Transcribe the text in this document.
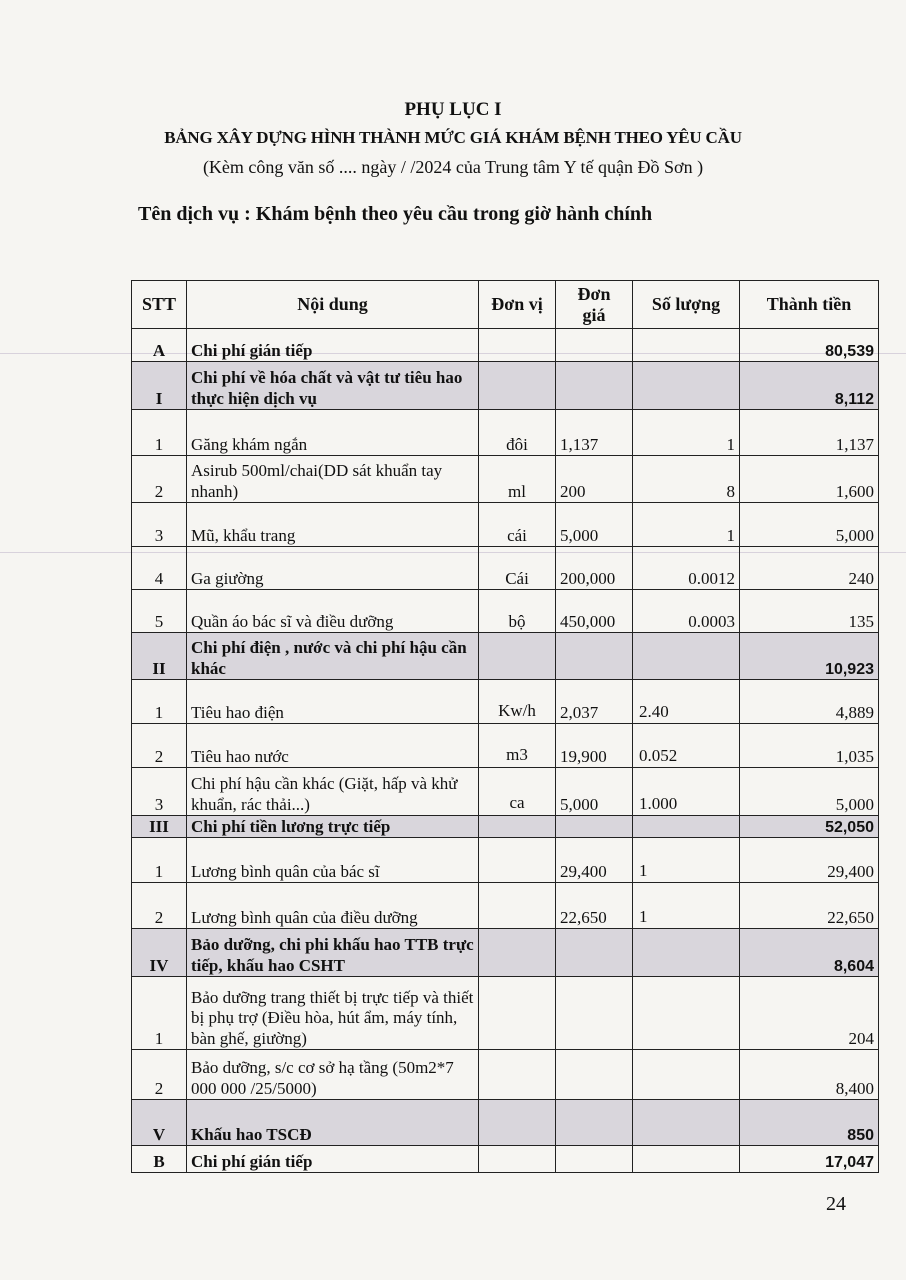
PHỤ LỤC I
BẢNG XÂY DỰNG HÌNH THÀNH MỨC GIÁ KHÁM BỆNH THEO YÊU CẦU
(Kèm công văn số .... ngày / /2024 của Trung tâm Y tế quận Đồ Sơn )
Tên dịch vụ : Khám bệnh theo yêu cầu trong giờ hành chính
STT	Nội dung	Đơn vị	Đơn giá	Số lượng	Thành tiền
A	Chi phí gián tiếp				80,539
I	Chi phí về hóa chất và vật tư tiêu hao thực hiện dịch vụ				8,112
1	Găng khám ngắn	đôi	1,137	1	1,137
2	Asirub 500ml/chai(DD sát khuẩn tay nhanh)	ml	200	8	1,600
3	Mũ, khẩu trang	cái	5,000	1	5,000
4	Ga giường	Cái	200,000	0.0012	240
5	Quần áo bác sĩ và điều dưỡng	bộ	450,000	0.0003	135
II	Chi phí điện , nước và chi phí hậu cần khác				10,923
1	Tiêu hao điện	Kw/h	2,037	2.40	4,889
2	Tiêu hao nước	m3	19,900	0.052	1,035
3	Chi phí hậu cần khác (Giặt, hấp và khử khuẩn, rác thải...)	ca	5,000	1.000	5,000
III	Chi phí tiền lương trực tiếp				52,050
1	Lương bình quân của bác sĩ		29,400	1	29,400
2	Lương bình quân của điều dưỡng		22,650	1	22,650
IV	Bảo dưỡng, chi phi khấu hao TTB trực tiếp, khấu hao CSHT				8,604
1	Bảo dưỡng trang thiết bị trực tiếp và thiết bị phụ trợ (Điều hòa, hút ẩm, máy tính, bàn ghế, giường)				204
2	Bảo dưỡng, s/c cơ sở hạ tầng (50m2*7 000 000 /25/5000)				8,400
V	Khấu hao TSCĐ				850
B	Chi phí gián tiếp				17,047
24
